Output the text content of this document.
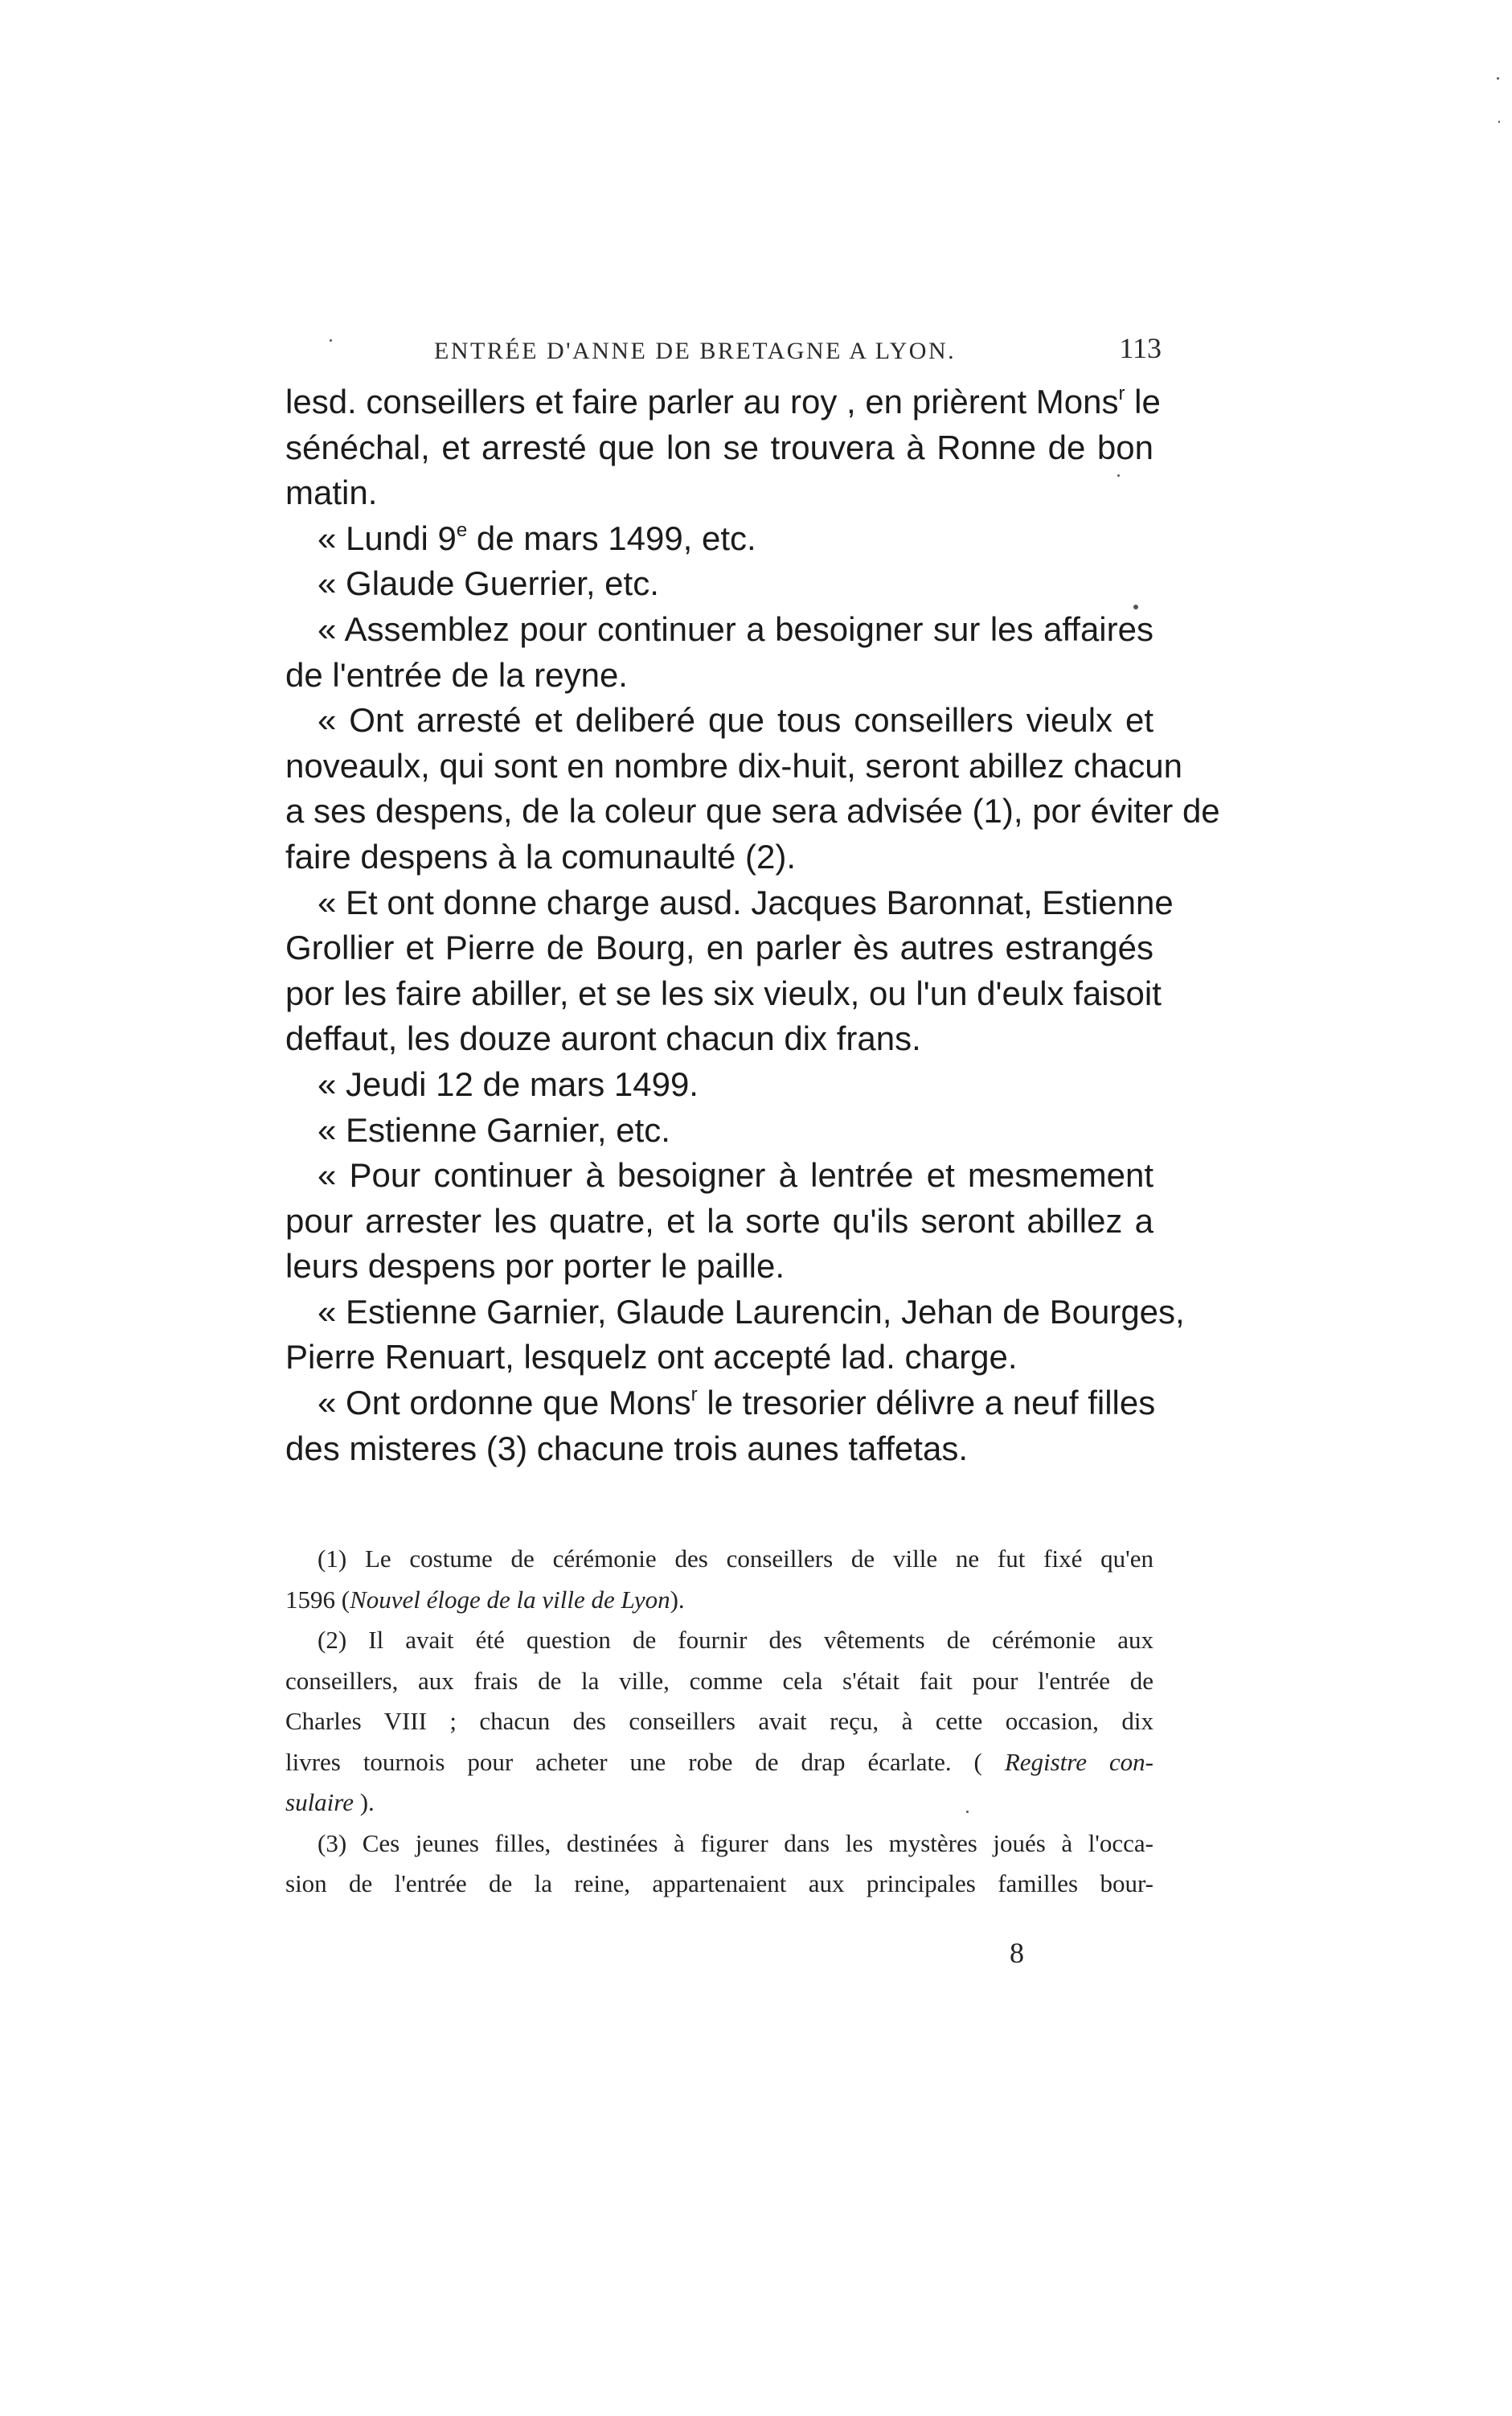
ENTRÉE D'ANNE DE BRETAGNE A LYON.	113
lesd. conseillers et faire parler au roy , en prièrent Mons$^r$ le
sénéchal, et arresté que lon se trouvera à Ronne de bon
matin.
« Lundi 9e de mars 1499, etc.
« Glaude Guerrier, etc.
« Assemblez pour continuer a besoigner sur les affaires
de l'entrée de la reyne.
« Ont arresté et deliberé que tous conseillers vieulx et
noveaulx, qui sont en nombre dix-huit, seront abillez chacun
a ses despens, de la coleur que sera advisée (1), por éviter de
faire despens à la comunaulté (2).
« Et ont donne charge ausd. Jacques Baronnat, Estienne
Grollier et Pierre de Bourg, en parler ès autres estrangés
por les faire abiller, et se les six vieulx, ou l'un d'eulx faisoit
deffaut, les douze auront chacun dix frans.
« Jeudi 12 de mars 1499.
« Estienne Garnier, etc.
« Pour continuer à besoigner à lentrée et mesmement
pour arrester les quatre, et la sorte qu'ils seront abillez a
leurs despens por porter le paille.
« Estienne Garnier, Glaude Laurencin, Jehan de Bourges,
Pierre Renuart, lesquelz ont accepté lad. charge.
« Ont ordonne que Mons$^r$ le tresorier délivre a neuf filles
des misteres (3) chacune trois aunes taffetas.
(1) Le costume de cérémonie des conseillers de ville ne fut fixé qu'en
1596 (Nouvel éloge de la ville de Lyon).
(2) Il avait été question de fournir des vêtements de cérémonie aux
conseillers, aux frais de la ville, comme cela s'était fait pour l'entrée de
Charles VIII ; chacun des conseillers avait reçu, à cette occasion, dix
livres tournois pour acheter une robe de drap écarlate. ( Registre con-
sulaire ).
(3) Ces jeunes filles, destinées à figurer dans les mystères joués à l'occa-
sion de l'entrée de la reine, appartenaient aux principales familles bour-
8
